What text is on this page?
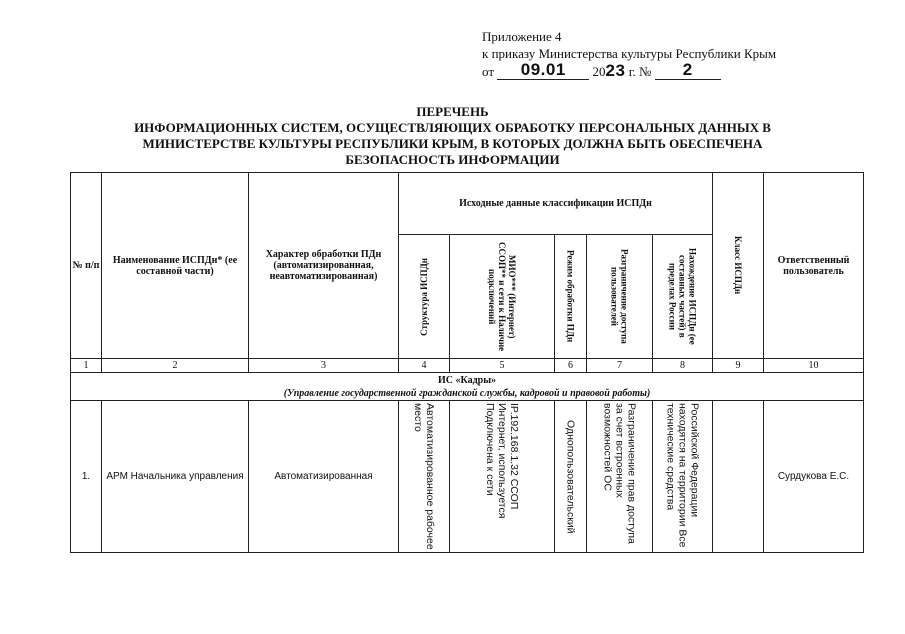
Приложение 4
к приказу Министерства культуры Республики Крым
от 09.01 2023 г. № 2
ПЕРЕЧЕНЬ
ИНФОРМАЦИОННЫХ СИСТЕМ, ОСУЩЕСТВЛЯЮЩИХ ОБРАБОТКУ ПЕРСОНАЛЬНЫХ ДАННЫХ В
МИНИСТЕРСТВЕ КУЛЬТУРЫ РЕСПУБЛИКИ КРЫМ, В КОТОРЫХ ДОЛЖНА БЫТЬ ОБЕСПЕЧЕНА
БЕЗОПАСНОСТЬ ИНФОРМАЦИИ
№ п/п	Наименование ИСПДн* (ее составной части)	Характер обработки ПДн (автоматизированная, неавтоматизированная)	Исходные данные классификации ИСПДн					Класс ИСПДн	Ответственный пользователь

			Структура ИСПДн	МИО*** (Интернет) ССОП** и сети к Наличие подключений	Режим обработки ПДн	Разграничение доступа пользователей	Нахождение ИСПДн (ее составных частей) в пределах России		

1	2	3	4	5	6	7	8	9	10

ИС «Кадры»
(Управление государственной гражданской службы, кадровой и правовой работы)									

1.	АРМ Начальника управления	Автоматизированная	Автоматизированное рабочее место	IP.192.168.1.32 ССОП Интернет, используется Подключена к сети	Однопользовательский	Разграничение прав доступа за счет встроенных возможностей ОС	Российской Федерации находятся на территории Все технические средства		Сурдукова Е.С.
